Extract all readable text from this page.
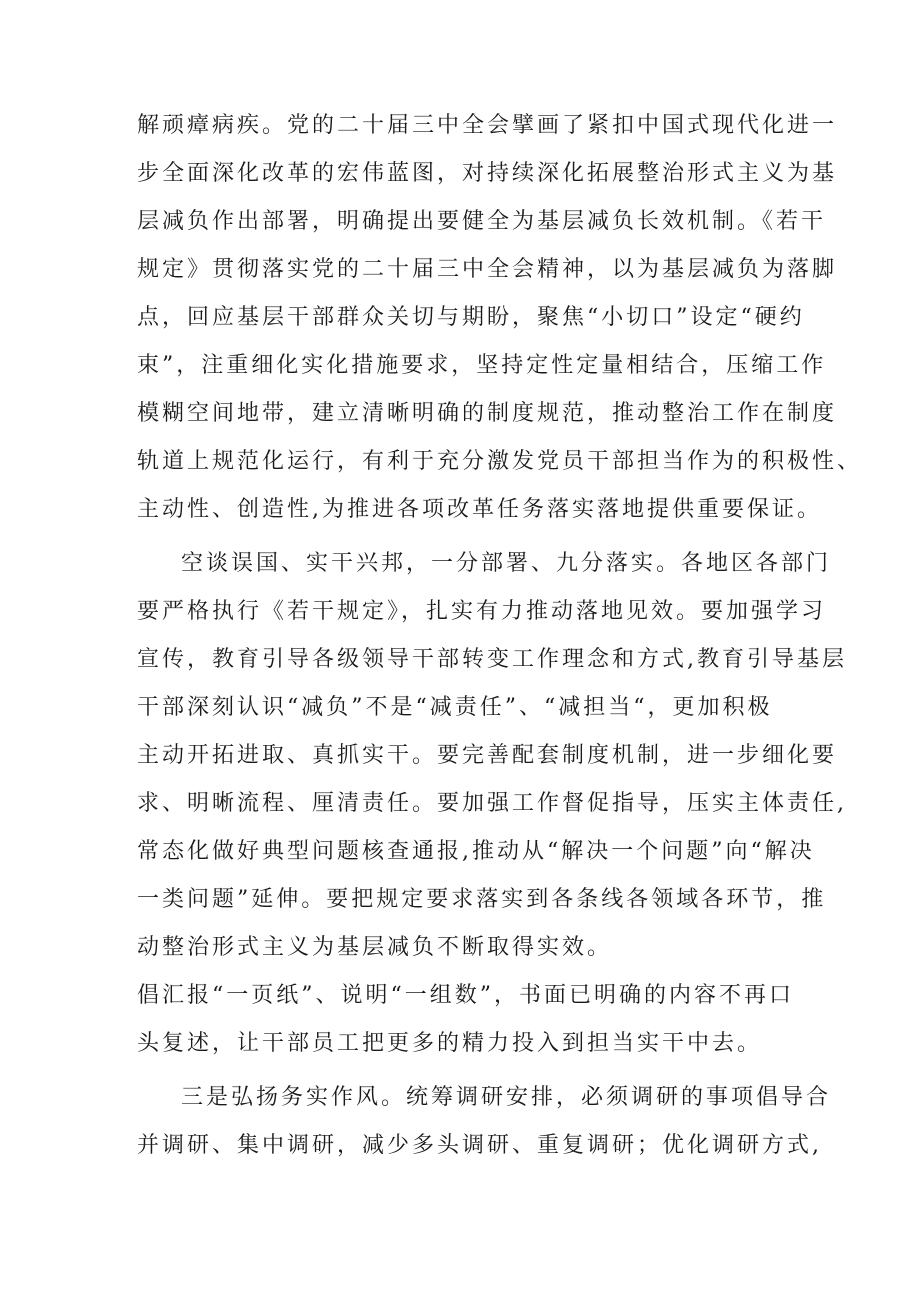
解顽瘴病疾。党的二十届三中全会擘画了紧扣中国式现代化进一
步全面深化改革的宏伟蓝图，对持续深化拓展整治形式主义为基
层减负作出部署，明确提出要健全为基层减负长效机制。《若干
规定》贯彻落实党的二十届三中全会精神，以为基层减负为落脚
点，回应基层干部群众关切与期盼，聚焦“小切口”设定“硬约
束”，注重细化实化措施要求，坚持定性定量相结合，压缩工作
模糊空间地带，建立清晰明确的制度规范，推动整治工作在制度
轨道上规范化运行，有利于充分激发党员干部担当作为的积极性、
主动性、创造性,为推进各项改革任务落实落地提供重要保证。
空谈误国、实干兴邦，一分部署、九分落实。各地区各部门
要严格执行《若干规定》，扎实有力推动落地见效。要加强学习
宣传，教育引导各级领导干部转变工作理念和方式,教育引导基层
干部深刻认识“减负”不是“减责任”、“减担当“，更加积极
主动开拓进取、真抓实干。要完善配套制度机制，进一步细化要
求、明晰流程、厘清责任。要加强工作督促指导，压实主体责任,
常态化做好典型问题核查通报,推动从“解决一个问题”向“解决
一类问题”延伸。要把规定要求落实到各条线各领域各环节，推
动整治形式主义为基层减负不断取得实效。
倡汇报“一页纸”、说明“一组数”，书面已明确的内容不再口
头复述，让干部员工把更多的精力投入到担当实干中去。
三是弘扬务实作风。统筹调研安排，必须调研的事项倡导合
并调研、集中调研，减少多头调研、重复调研；优化调研方式,
